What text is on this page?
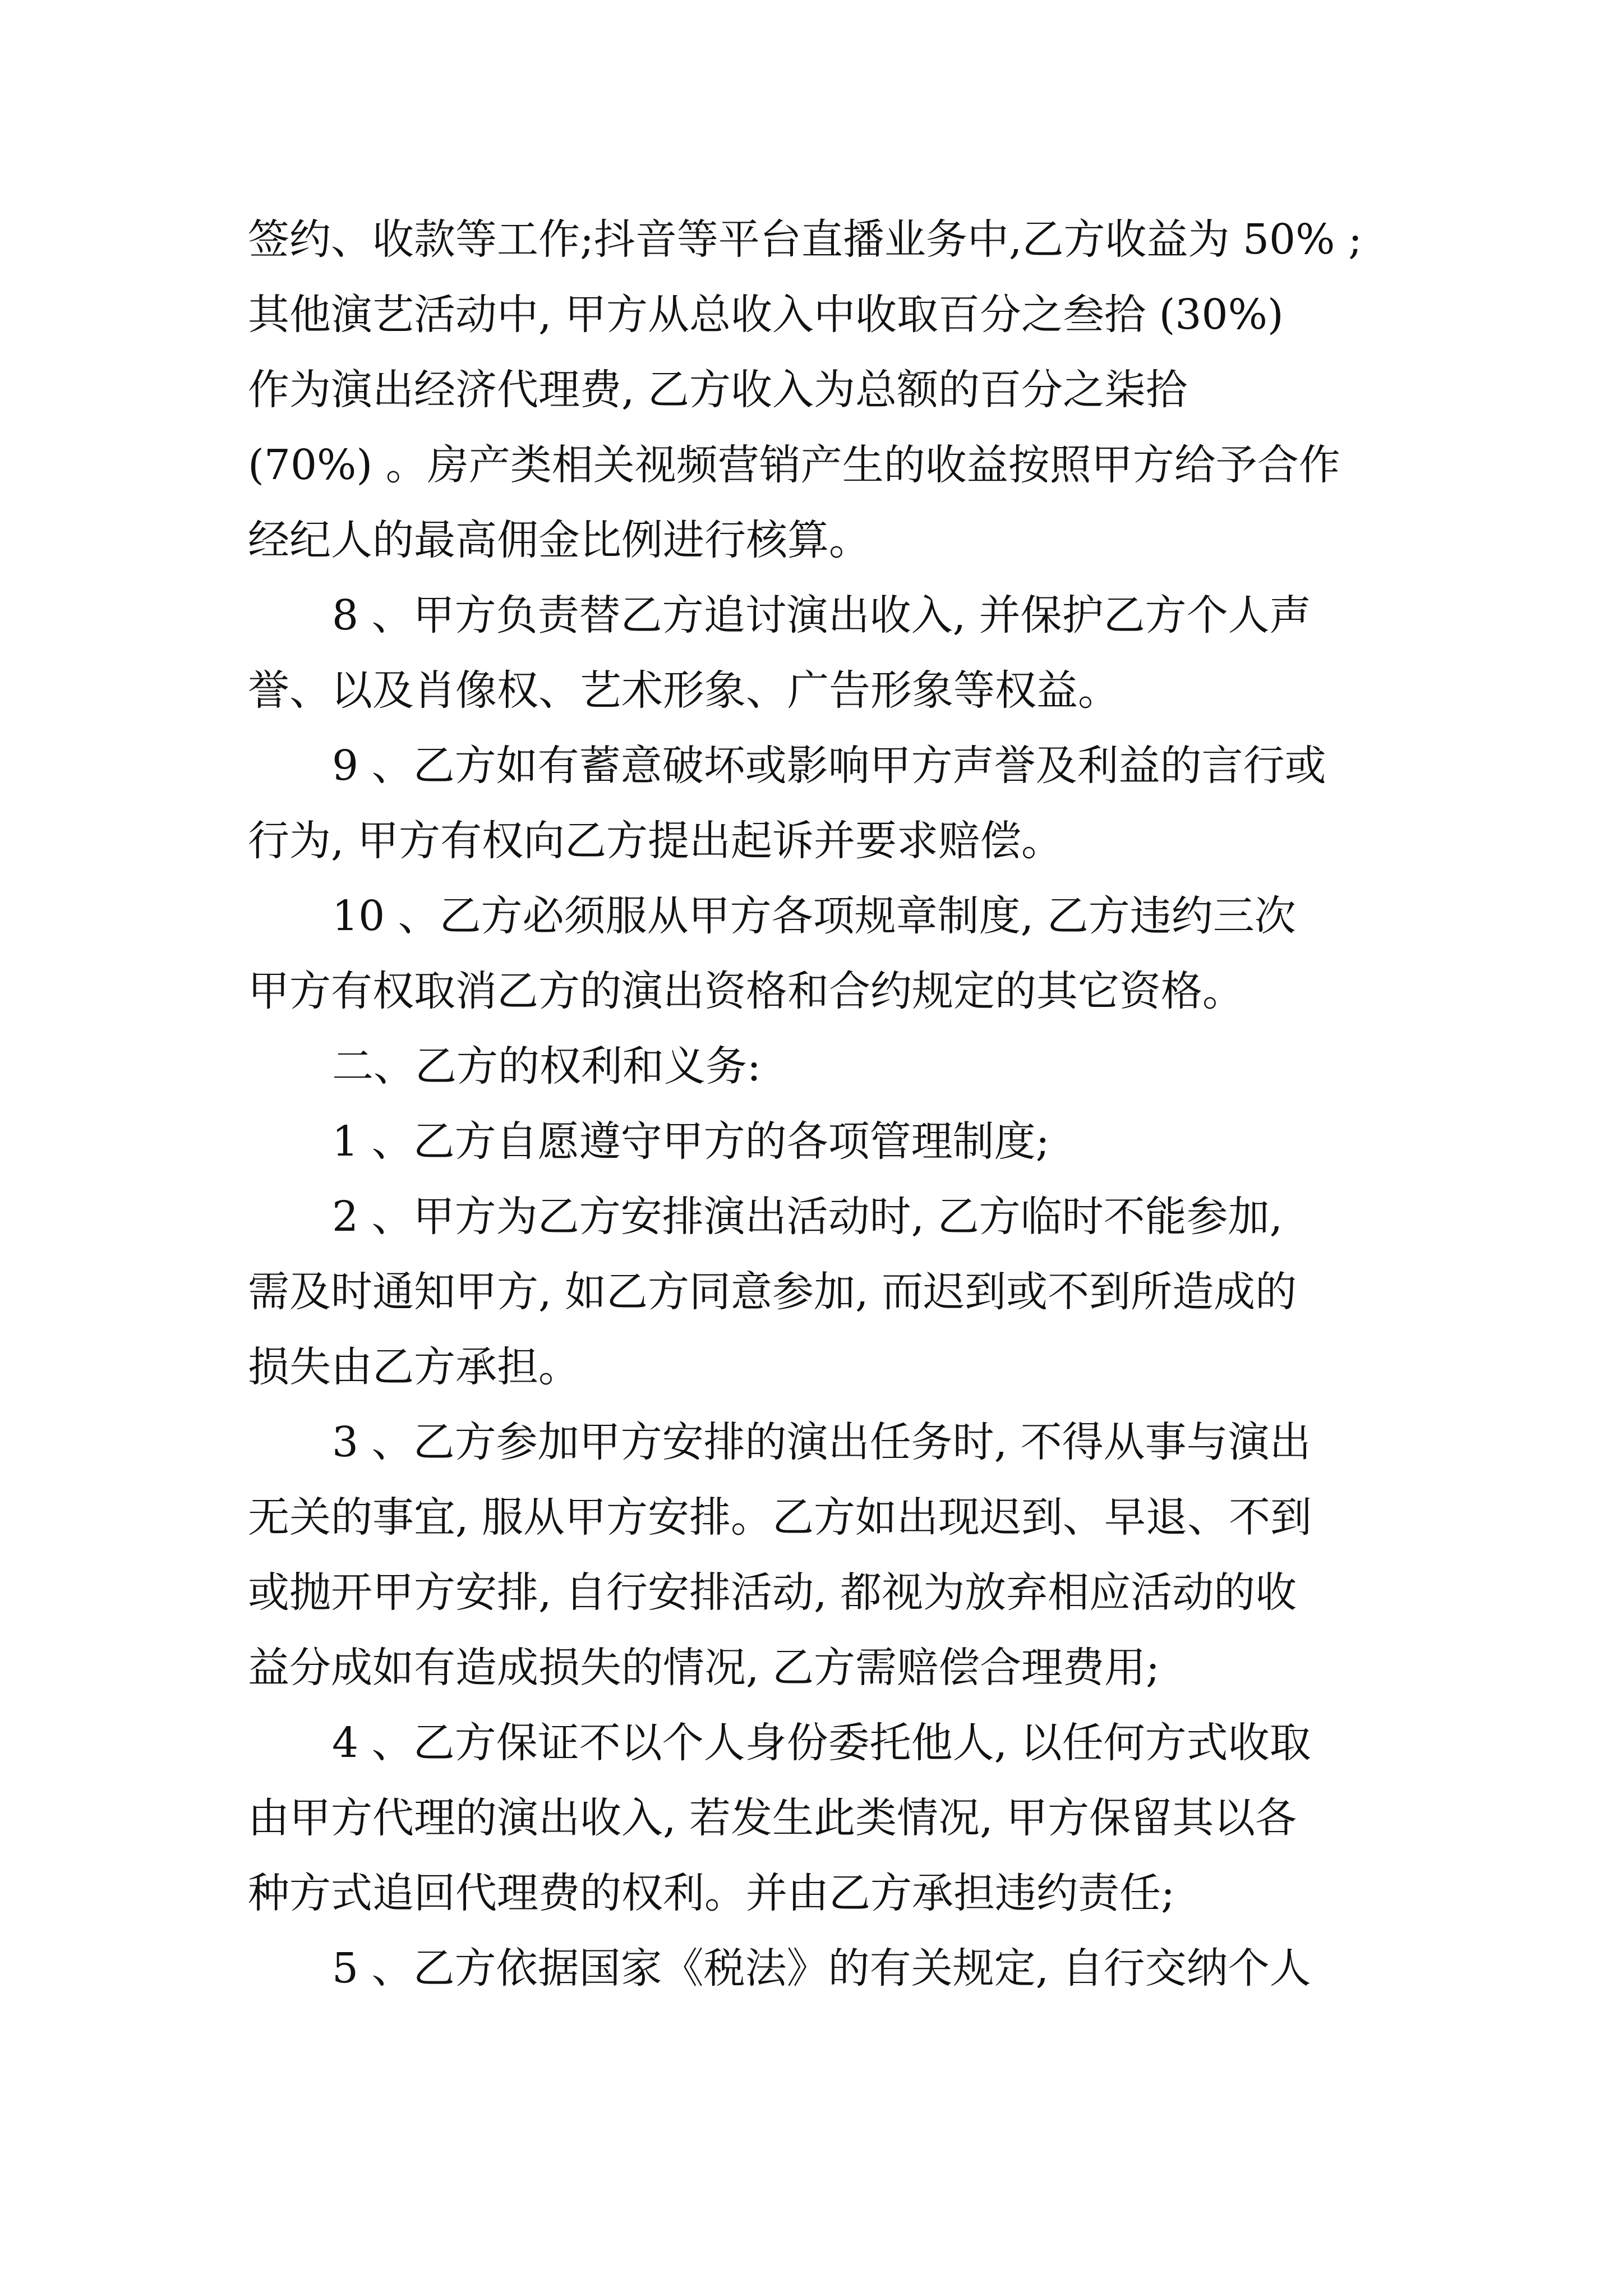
签约、收款等工作;抖音等平台直播业务中,乙方收益为 50% ;
其他演艺活动中, 甲方从总收入中收取百分之叁拾 (30%)
作为演出经济代理费, 乙方收入为总额的百分之柒拾
(70%) 。房产类相关视频营销产生的收益按照甲方给予合作
经纪人的最高佣金比例进行核算。
8 、甲方负责替乙方追讨演出收入, 并保护乙方个人声
誉、以及肖像权、艺术形象、广告形象等权益。
9 、乙方如有蓄意破坏或影响甲方声誉及利益的言行或
行为, 甲方有权向乙方提出起诉并要求赔偿。
10 、乙方必须服从甲方各项规章制度, 乙方违约三次
甲方有权取消乙方的演出资格和合约规定的其它资格。
二、乙方的权利和义务:
1 、乙方自愿遵守甲方的各项管理制度;
2 、甲方为乙方安排演出活动时, 乙方临时不能参加,
需及时通知甲方, 如乙方同意参加, 而迟到或不到所造成的
损失由乙方承担。
3 、乙方参加甲方安排的演出任务时, 不得从事与演出
无关的事宜, 服从甲方安排。乙方如出现迟到、早退、不到
或抛开甲方安排, 自行安排活动, 都视为放弃相应活动的收
益分成如有造成损失的情况, 乙方需赔偿合理费用;
4 、乙方保证不以个人身份委托他人, 以任何方式收取
由甲方代理的演出收入, 若发生此类情况, 甲方保留其以各
种方式追回代理费的权利。并由乙方承担违约责任;
5 、乙方依据国家《税法》的有关规定, 自行交纳个人
